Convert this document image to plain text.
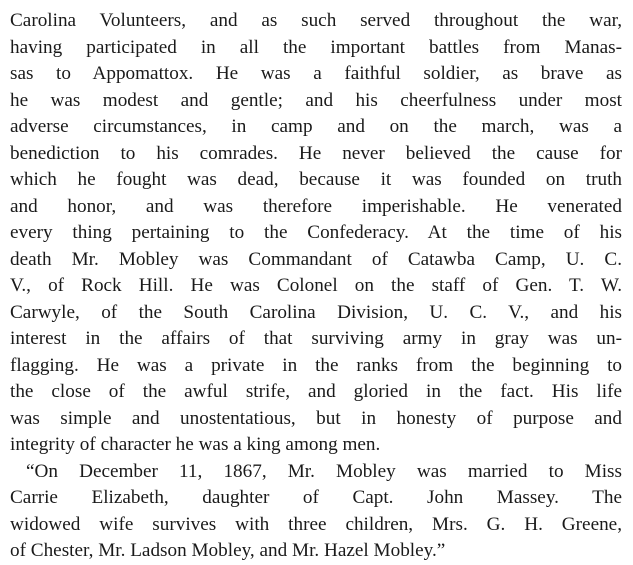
Carolina Volunteers, and as such served throughout the war,
having participated in all the important battles from Manas-
sas to Appomattox. He was a faithful soldier, as brave as
he was modest and gentle; and his cheerfulness under most
adverse circumstances, in camp and on the march, was a
benediction to his comrades. He never believed the cause for
which he fought was dead, because it was founded on truth
and honor, and was therefore imperishable. He venerated
every thing pertaining to the Confederacy. At the time of his
death Mr. Mobley was Commandant of Catawba Camp, U. C.
V., of Rock Hill. He was Colonel on the staff of Gen. T. W.
Carwyle, of the South Carolina Division, U. C. V., and his
interest in the affairs of that surviving army in gray was un-
flagging. He was a private in the ranks from the beginning to
the close of the awful strife, and gloried in the fact. His life
was simple and unostentatious, but in honesty of purpose and
integrity of character he was a king among men.
“On December 11, 1867, Mr. Mobley was married to Miss
Carrie Elizabeth, daughter of Capt. John Massey. The
widowed wife survives with three children, Mrs. G. H. Greene,
of Chester, Mr. Ladson Mobley, and Mr. Hazel Mobley.”
